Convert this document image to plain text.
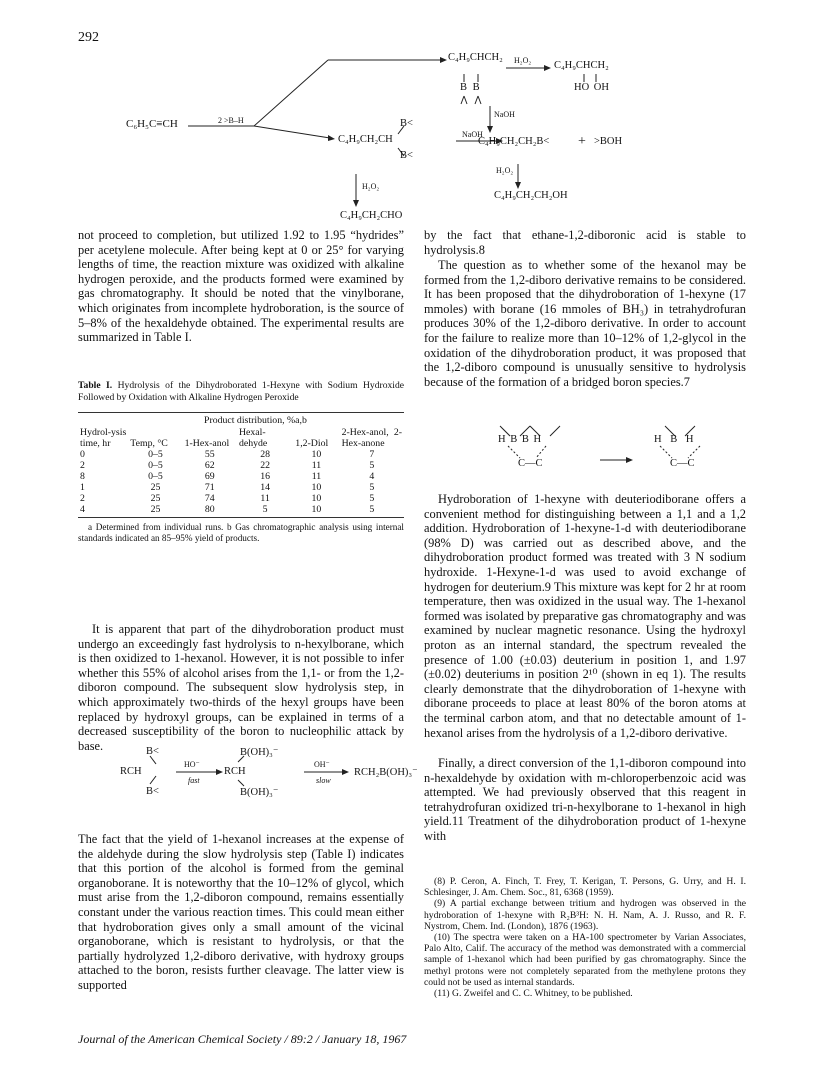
292
C₆H₅C≡CH	2 >B–H
C₄H₉CHCH₂
B B
H₂O₂ C₄H₉CHCH₂
HO OH
NaOH
C₄H₉CH₂CH
B<
B<
NaOH
C₄H₉CH₂CH₂B< + >BOH
H₂O₂
C₄H₉CH₂CH₂OH
H₂O₂
C₄H₉CH₂CHO

not proceed to completion, but utilized 1.92 to 1.95 “hydrides” per acetylene molecule. After being kept at 0 or 25° for varying lengths of time, the reaction mixture was oxidized with alkaline hydrogen peroxide, and the products formed were examined by gas chromatography. It should be noted that the vinylborane, which originates from incomplete hydroboration, is the source of 5–8% of the hexaldehyde obtained. The experimental results are summarized in Table I.

Table I. Hydrolysis of the Dihydroborated 1-Hexyne with Sodium Hydroxide Followed by Oxidation with Alkaline Hydrogen Peroxide
Product distribution, %a,b
Hydrol-ysis time, hr	Temp, °C	1-Hex-anol	Hexal-dehyde	1,2-Diol	2-Hex-anol, 2-Hex-anone
0	0–5	55	28	10	7
2	0–5	62	22	11	5
8	0–5	69	16	11	4
1	25	71	14	10	5
2	25	74	11	10	5
4	25	80	5	10	5
a Determined from individual runs. b Gas chromatographic analysis using internal standards indicated an 85–95% yield of products.

It is apparent that part of the dihydroboration product must undergo an exceedingly fast hydrolysis to n-hexylborane, which is then oxidized to 1-hexanol. However, it is not possible to infer whether this 55% of alcohol arises from the 1,1- or from the 1,2-diboron compound. The subsequent slow hydrolysis step, in which approximately two-thirds of the hexyl groups have been replaced by hydroxyl groups, can be explained in terms of a decreased susceptibility of the boron to nucleophilic attack by base.	B<
RCH
B<
HO⁻
fast
B(OH)₃⁻
RCH
B(OH)₃⁻
OH⁻
slow
RCH₂B(OH)₃⁻

The fact that the yield of 1-hexanol increases at the expense of the aldehyde during the slow hydrolysis step (Table I) indicates that this portion of the alcohol is formed from the geminal organoborane. It is noteworthy that the 10–12% of glycol, which must arise from the 1,2-diboron compound, remains essentially constant under the various reaction times. This could mean either that hydroboration gives only a small amount of the vicinal organoborane, which is resistant to hydrolysis, or that the partially hydrolyzed 1,2-diboro derivative, with hydroxy groups attached to the boron, resists further cleavage. The latter view is supported

by the fact that ethane-1,2-diboronic acid is stable to hydrolysis.8

The question as to whether some of the hexanol may be formed from the 1,2-diboro derivative remains to be considered. It has been proposed that the dihydroboration of 1-hexyne (17 mmoles) with borane (16 mmoles of BH₃) in tetrahydrofuran produces 30% of the 1,2-diboro derivative. In order to account for the failure to realize more than 10–12% of 1,2-glycol in the oxidation of the dihydroboration product, it was proposed that the 1,2-diboro compound is unusually sensitive to hydrolysis because of the formation of a bridged boron species.7

H B B H
C—C
H B H
C—C

Hydroboration of 1-hexyne with deuteriodiborane offers a convenient method for distinguishing between a 1,1 and a 1,2 addition. Hydroboration of 1-hexyne-1-d with deuteriodiborane (98% D) was carried out as described above, and the dihydroboration product formed was treated with 3 N sodium hydroxide. 1-Hexyne-1-d was used to avoid exchange of hydrogen for deuterium.9 This mixture was kept for 2 hr at room temperature, then was oxidized in the usual way. The 1-hexanol formed was isolated by preparative gas chromatography and was examined by nuclear magnetic resonance. Using the hydroxyl proton as an internal standard, the spectrum revealed the presence of 1.00 (±0.03) deuterium in position 1, and 1.97 (±0.02) deuteriums in position 2¹⁰ (shown in eq 1). The results clearly demonstrate that the dihydroboration of 1-hexyne with diborane proceeds to place at least 80% of the boron atoms at the terminal carbon atom, and that no detectable amount of 1-hexanol arises from the hydrolysis of a 1,2-diboro derivative.

Finally, a direct conversion of the 1,1-diboron compound into n-hexaldehyde by oxidation with m-chloroperbenzoic acid was attempted. We had previously observed that this reagent in tetrahydrofuran oxidized tri-n-hexylborane to 1-hexanol in high yield.11 Treatment of the dihydroboration product of 1-hexyne with

(8) P. Ceron, A. Finch, T. Frey, T. Kerigan, T. Persons, G. Urry, and H. I. Schlesinger, J. Am. Chem. Soc., 81, 6368 (1959).

(9) A partial exchange between tritium and hydrogen was observed in the hydroboration of 1-hexyne with R₂B³H: N. H. Nam, A. J. Russo, and R. F. Nystrom, Chem. Ind. (London), 1876 (1963).

(10) The spectra were taken on a HA-100 spectrometer by Varian Associates, Palo Alto, Calif. The accuracy of the method was demonstrated with a commercial sample of 1-hexanol which had been purified by gas chromatography. Since the methyl protons were not completely separated from the methylene protons they could not be used as internal standards.

(11) G. Zweifel and C. C. Whitney, to be published.

Journal of the American Chemical Society / 89:2 / January 18, 1967
